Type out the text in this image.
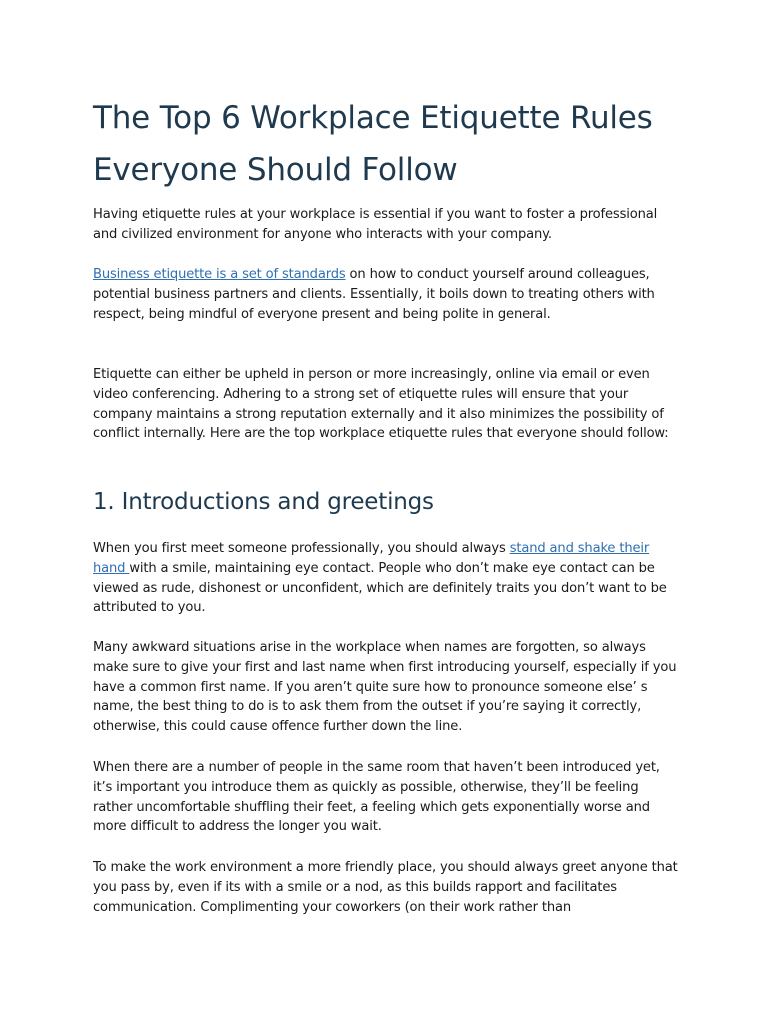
The Top 6 Workplace Etiquette Rules Everyone Should Follow

Having etiquette rules at your workplace is essential if you want to foster a professional and civilized environment for anyone who interacts with your company.

Business etiquette is a set of standards on how to conduct yourself around colleagues, potential business partners and clients. Essentially, it boils down to treating others with respect, being mindful of everyone present and being polite in general.

Etiquette can either be upheld in person or more increasingly, online via email or even video conferencing. Adhering to a strong set of etiquette rules will ensure that your company maintains a strong reputation externally and it also minimizes the possibility of conflict internally. Here are the top workplace etiquette rules that everyone should follow:

1. Introductions and greetings

When you first meet someone professionally, you should always stand and shake their hand with a smile, maintaining eye contact. People who don’t make eye contact can be viewed as rude, dishonest or unconfident, which are definitely traits you don’t want to be attributed to you.

Many awkward situations arise in the workplace when names are forgotten, so always make sure to give your first and last name when first introducing yourself, especially if you have a common first name. If you aren’t quite sure how to pronounce someone else’ s name, the best thing to do is to ask them from the outset if you’re saying it correctly, otherwise, this could cause offence further down the line.

When there are a number of people in the same room that haven’t been introduced yet, it’s important you introduce them as quickly as possible, otherwise, they’ll be feeling rather uncomfortable shuffling their feet, a feeling which gets exponentially worse and more difficult to address the longer you wait.

To make the work environment a more friendly place, you should always greet anyone that you pass by, even if its with a smile or a nod, as this builds rapport and facilitates communication. Complimenting your coworkers (on their work rather than
